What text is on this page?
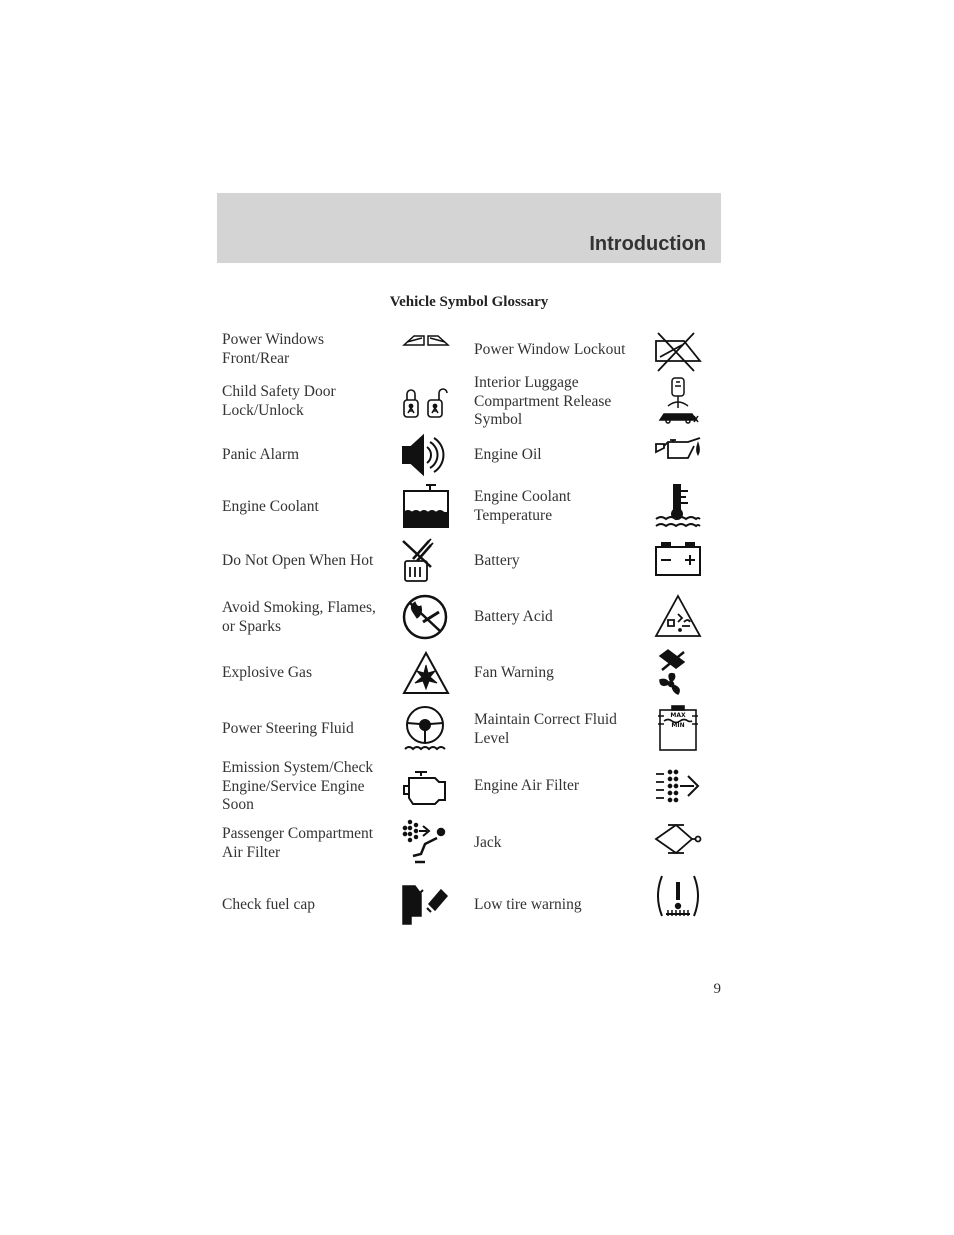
Introduction
Vehicle Symbol Glossary
Power Windows Front/Rear
Child Safety Door Lock/Unlock
Panic Alarm
Engine Coolant
Do Not Open When Hot
Avoid Smoking, Flames, or Sparks
Explosive Gas
Power Steering Fluid
Emission System/Check Engine/Service Engine Soon
Passenger Compartment Air Filter
Check fuel cap
Power Window Lockout
Interior Luggage Compartment Release Symbol
Engine Oil
Engine Coolant Temperature
Battery
Battery Acid
Fan Warning
Maintain Correct Fluid Level
Engine Air Filter
Jack
Low tire warning
MAX
MIN
9
